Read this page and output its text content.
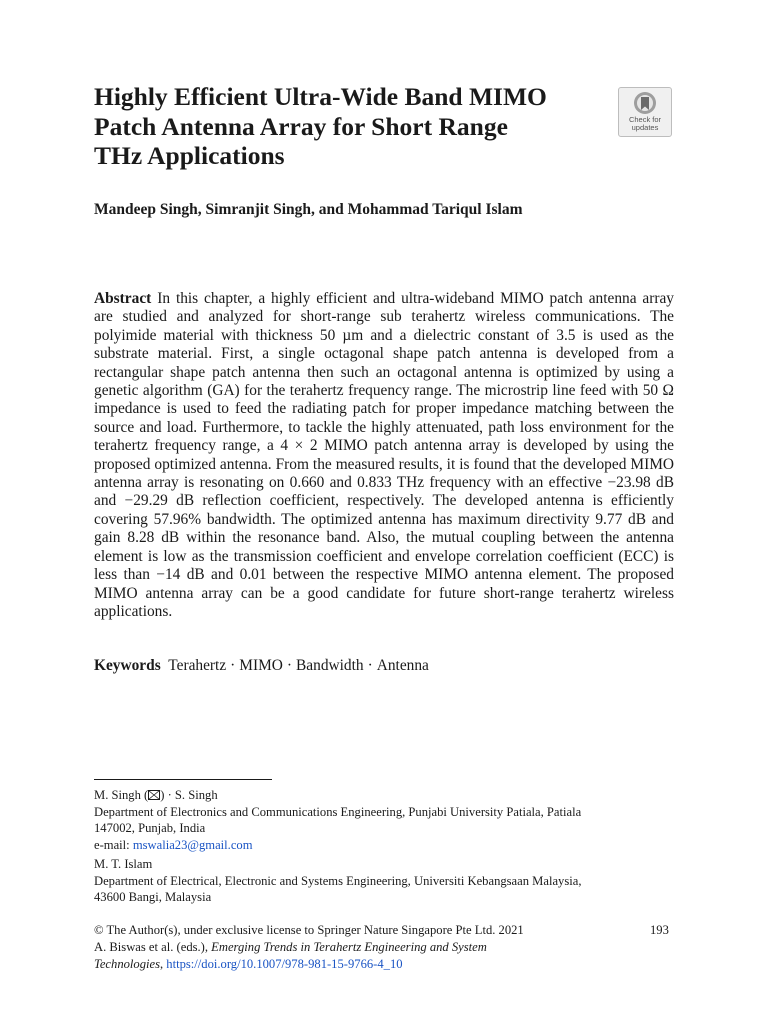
Highly Efficient Ultra-Wide Band MIMO
Patch Antenna Array for Short Range
THz Applications
Check for
updates

Mandeep Singh, Simranjit Singh, and Mohammad Tariqul Islam

Abstract In this chapter, a highly efficient and ultra-wideband MIMO patch antenna array are studied and analyzed for short-range sub terahertz wireless communications. The polyimide material with thickness 50 µm and a dielectric constant of 3.5 is used as the substrate material. First, a single octagonal shape patch antenna is developed from a rectangular shape patch antenna then such an octagonal antenna is optimized by using a genetic algorithm (GA) for the terahertz frequency range. The microstrip line feed with 50 Ω impedance is used to feed the radiating patch for proper impedance matching between the source and load. Furthermore, to tackle the highly attenuated, path loss environment for the terahertz frequency range, a 4 × 2 MIMO patch antenna array is developed by using the proposed optimized antenna. From the measured results, it is found that the developed MIMO antenna array is resonating on 0.660 and 0.833 THz frequency with an effective −23.98 dB and −29.29 dB reflection coefficient, respectively. The developed antenna is efficiently covering 57.96% bandwidth. The optimized antenna has maximum directivity 9.77 dB and gain 8.28 dB within the resonance band. Also, the mutual coupling between the antenna element is low as the transmission coefficient and envelope correlation coefficient (ECC) is less than −14 dB and 0.01 between the respective MIMO antenna element. The proposed MIMO antenna array can be a good candidate for future short-range terahertz wireless applications.

Keywords Terahertz · MIMO · Bandwidth · Antenna

M. Singh ( ) · S. Singh
Department of Electronics and Communications Engineering, Punjabi University Patiala, Patiala
147002, Punjab, India
e-mail: mswalia23@gmail.com
M. T. Islam
Department of Electrical, Electronic and Systems Engineering, Universiti Kebangsaan Malaysia,
43600 Bangi, Malaysia
© The Author(s), under exclusive license to Springer Nature Singapore Pte Ltd. 2021
A. Biswas et al. (eds.), Emerging Trends in Terahertz Engineering and System
Technologies, https://doi.org/10.1007/978-981-15-9766-4_10
193
